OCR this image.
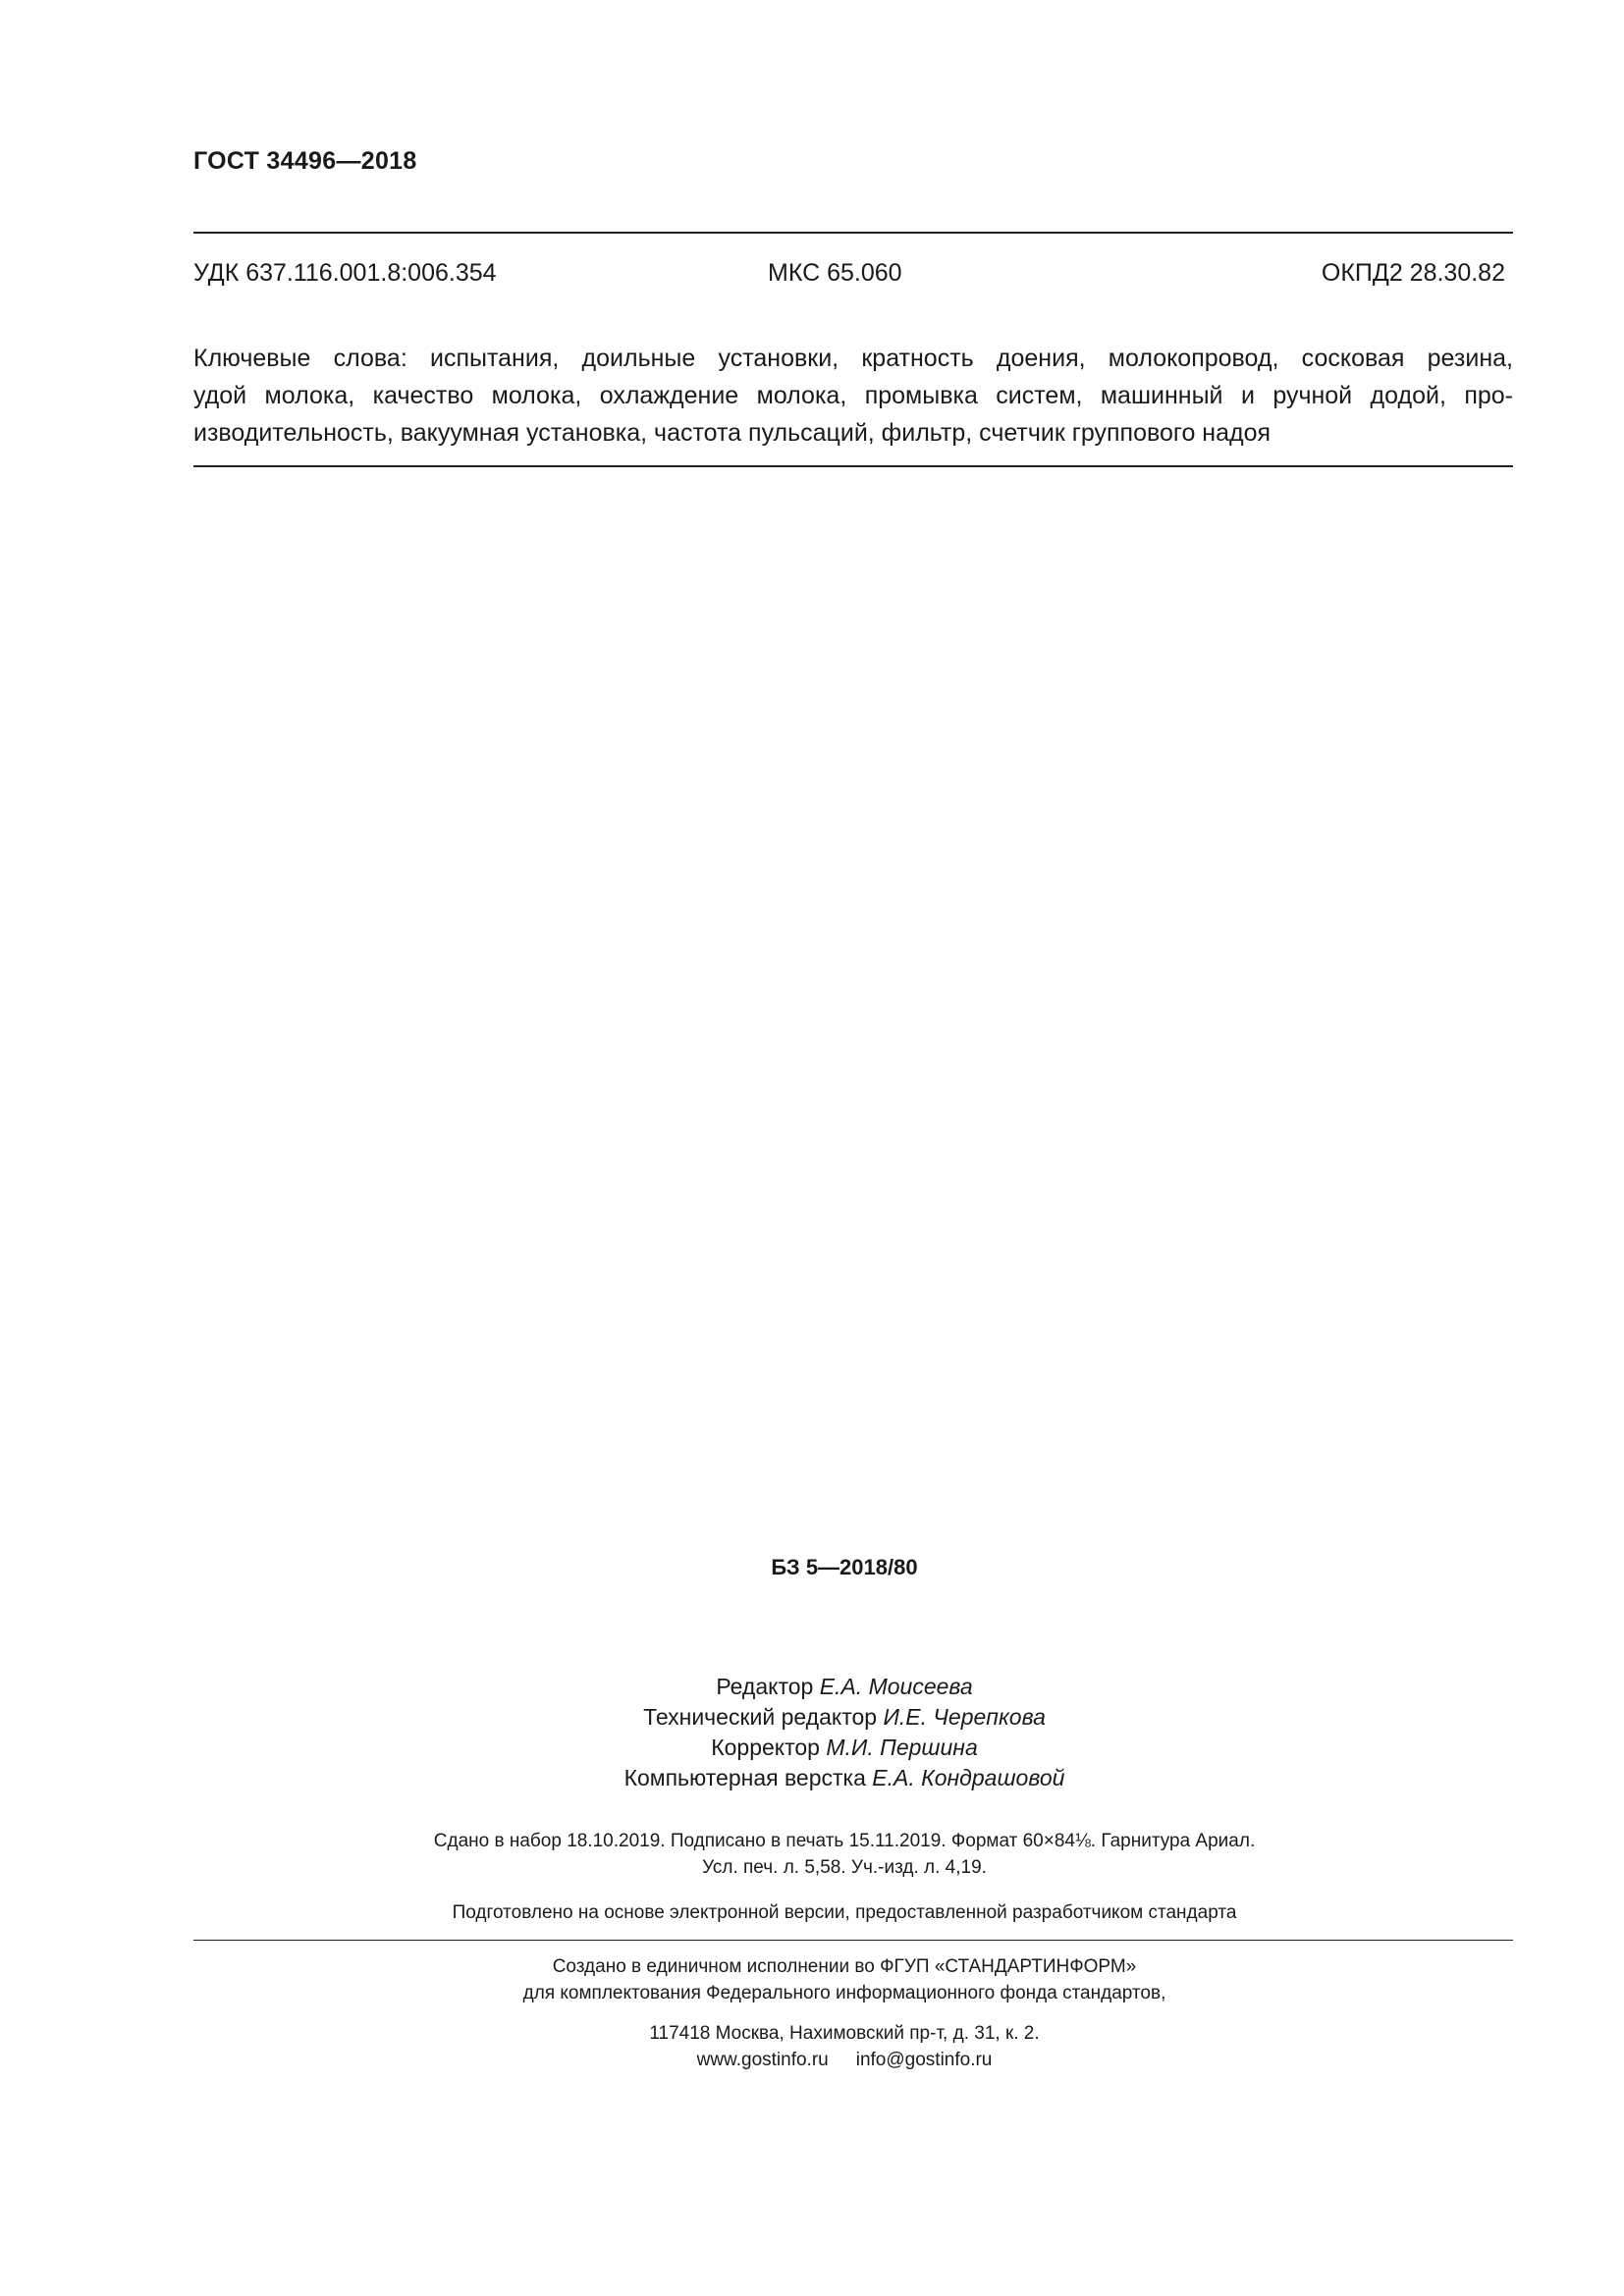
ГОСТ 34496—2018
УДК 637.116.001.8:006.354	МКС 65.060	ОКПД2 28.30.82
Ключевые слова: испытания, доильные установки, кратность доения, молокопровод, сосковая резина,
удой молока, качество молока, охлаждение молока, промывка систем, машинный и ручной додой, про-
изводительность, вакуумная установка, частота пульсаций, фильтр, счетчик группового надоя
БЗ 5—2018/80
Редактор Е.А. Моисеева
Технический редактор И.Е. Черепкова
Корректор М.И. Першина
Компьютерная верстка Е.А. Кондрашовой
Сдано в набор 18.10.2019. Подписано в печать 15.11.2019. Формат 60×84⅛. Гарнитура Ариал.
Усл. печ. л. 5,58. Уч.-изд. л. 4,19.
Подготовлено на основе электронной версии, предоставленной разработчиком стандарта
Создано в единичном исполнении во ФГУП «СТАНДАРТИНФОРМ»
для комплектования Федерального информационного фонда стандартов,
117418 Москва, Нахимовский пр-т, д. 31, к. 2.
www.gostinfo.ru info@gostinfo.ru
